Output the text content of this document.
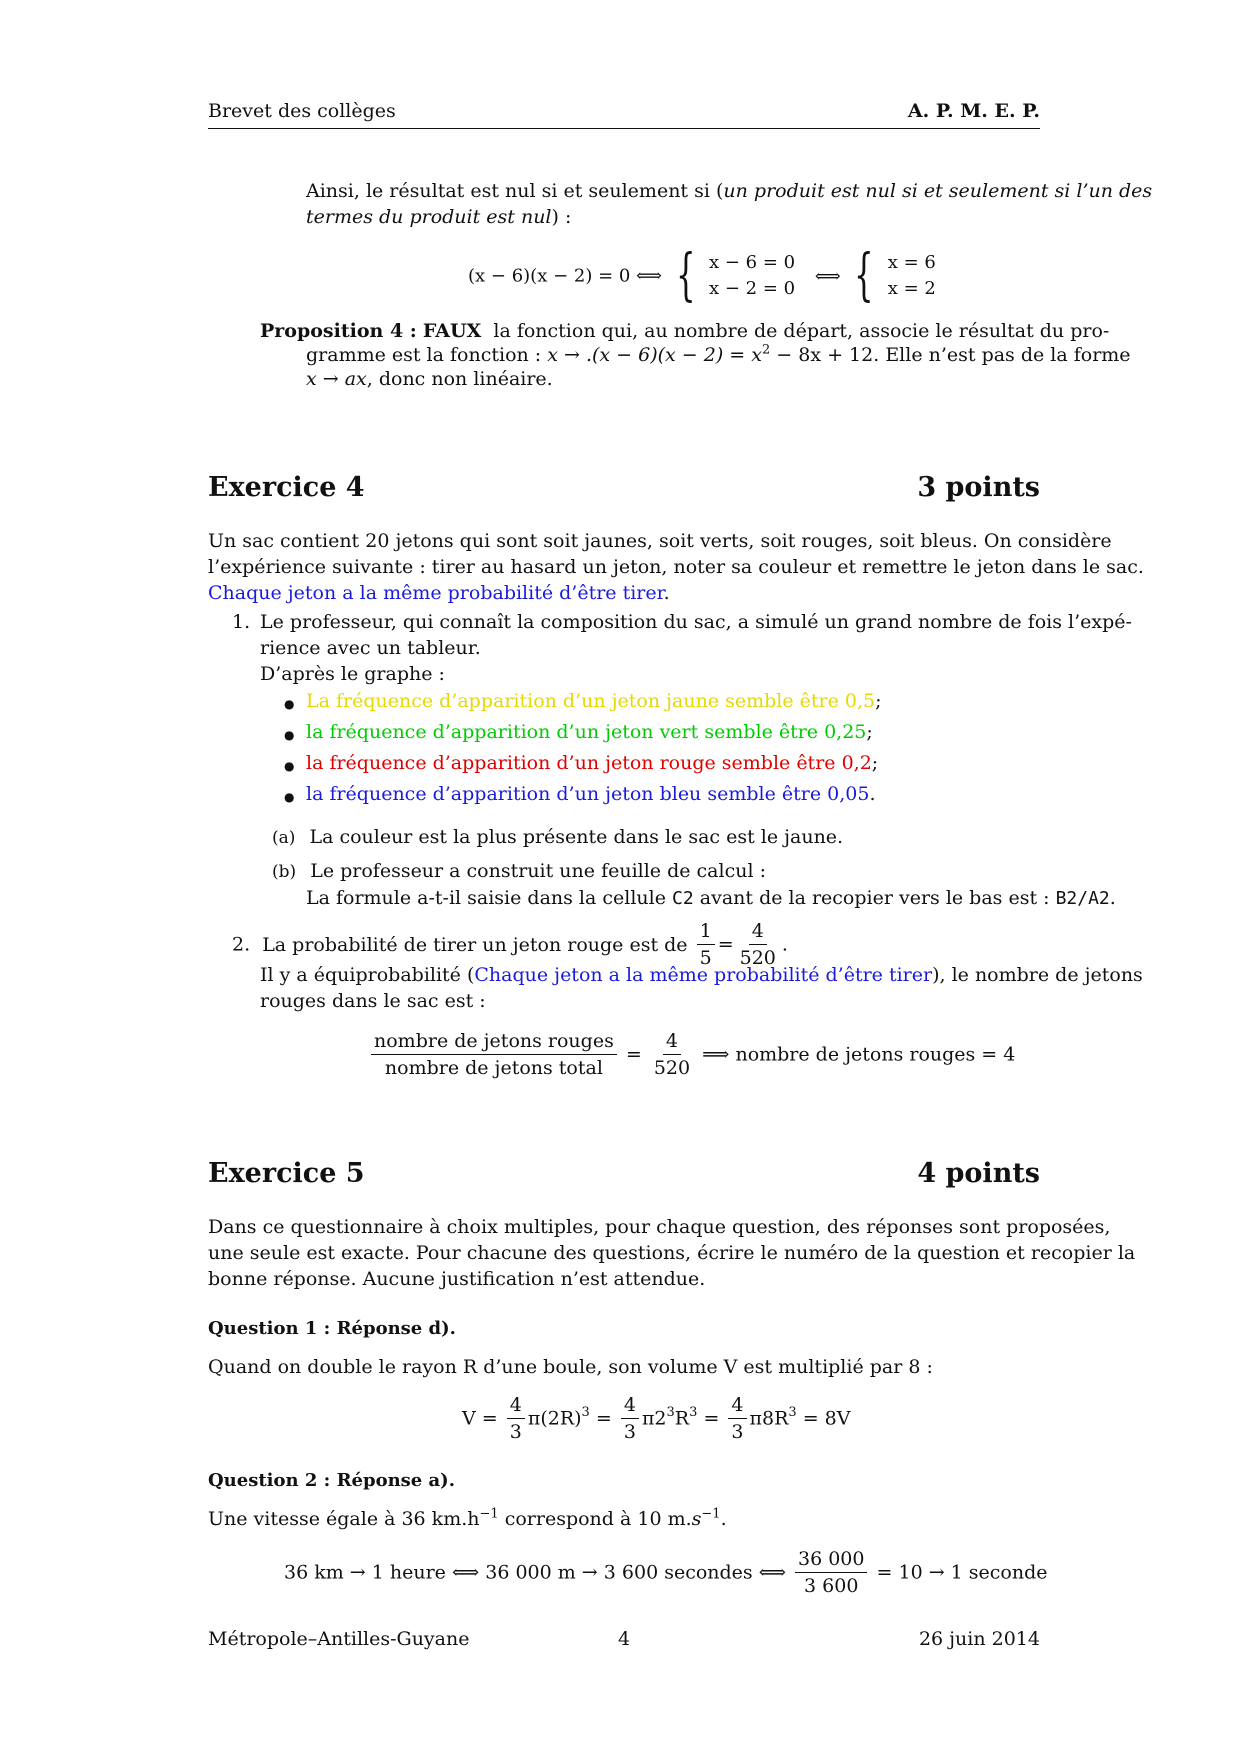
Brevet des collèges	A. P. M. E. P.
Ainsi, le résultat est nul si et seulement si (un produit est nul si et seulement si l’un des
termes du produit est nul) :
(x − 6)(x − 2) = 0 ⟺ { x − 6 = 0
x − 2 = 0
⟺ { x = 6
x = 2
Proposition 4 : FAUX la fonction qui, au nombre de départ, associe le résultat du pro-
gramme est la fonction : $x \to .(x - 6)(x - 2) = x^2 - 8x + 12$. Elle n’est pas de la forme
x → ax, donc non linéaire.
Exercice 4	3 points
Un sac contient 20 jetons qui sont soit jaunes, soit verts, soit rouges, soit bleus. On considère
l’expérience suivante : tirer au hasard un jeton, noter sa couleur et remettre le jeton dans le sac.
Chaque jeton a la même probabilité d’être tirer.
1. Le professeur, qui connaît la composition du sac, a simulé un grand nombre de fois l’expé-
rience avec un tableur.
D’après le graphe :
● La fréquence d’apparition d’un jeton jaune semble être 0,5;
● la fréquence d’apparition d’un jeton vert semble être 0,25;
● la fréquence d’apparition d’un jeton rouge semble être 0,2;
● la fréquence d’apparition d’un jeton bleu semble être 0,05.
(a) La couleur est la plus présente dans le sac est le jaune.
(b) Le professeur a construit une feuille de calcul :
La formule a-t-il saisie dans la cellule C2 avant de la recopier vers le bas est : B2/A2.
2. La probabilité de tirer un jeton rouge est de $\frac{1}{5} = \frac{4}{520}$ .
Il y a équiprobabilité (Chaque jeton a la même probabilité d’être tirer), le nombre de jetons
rouges dans le sac est :
$\frac{\text{nombre de jetons rouges}}{\text{nombre de jetons total}} = \frac{4}{520}$ ⟹ nombre de jetons rouges = 4
Exercice 5	4 points
Dans ce questionnaire à choix multiples, pour chaque question, des réponses sont proposées,
une seule est exacte. Pour chacune des questions, écrire le numéro de la question et recopier la
bonne réponse. Aucune justification n’est attendue.
Question 1 : Réponse d).
Quand on double le rayon R d’une boule, son volume V est multiplié par 8 :
$V = \frac{4}{3} \pi(2R)^3 = \frac{4}{3} \pi 2^3R^3 = \frac{4}{3} \pi 8R^3 = 8V$
Question 2 : Réponse a).
Une vitesse égale à 36 $km.h^{-1}$ correspond à 10 $m.s^{-1}$.
36 km → 1 heure ⟺ 36 000 m → 3 600 secondes ⟺ $\frac{36 000}{3 600} = 10 \to 1$ seconde
Métropole–Antilles-Guyane	4	26 juin 2014
